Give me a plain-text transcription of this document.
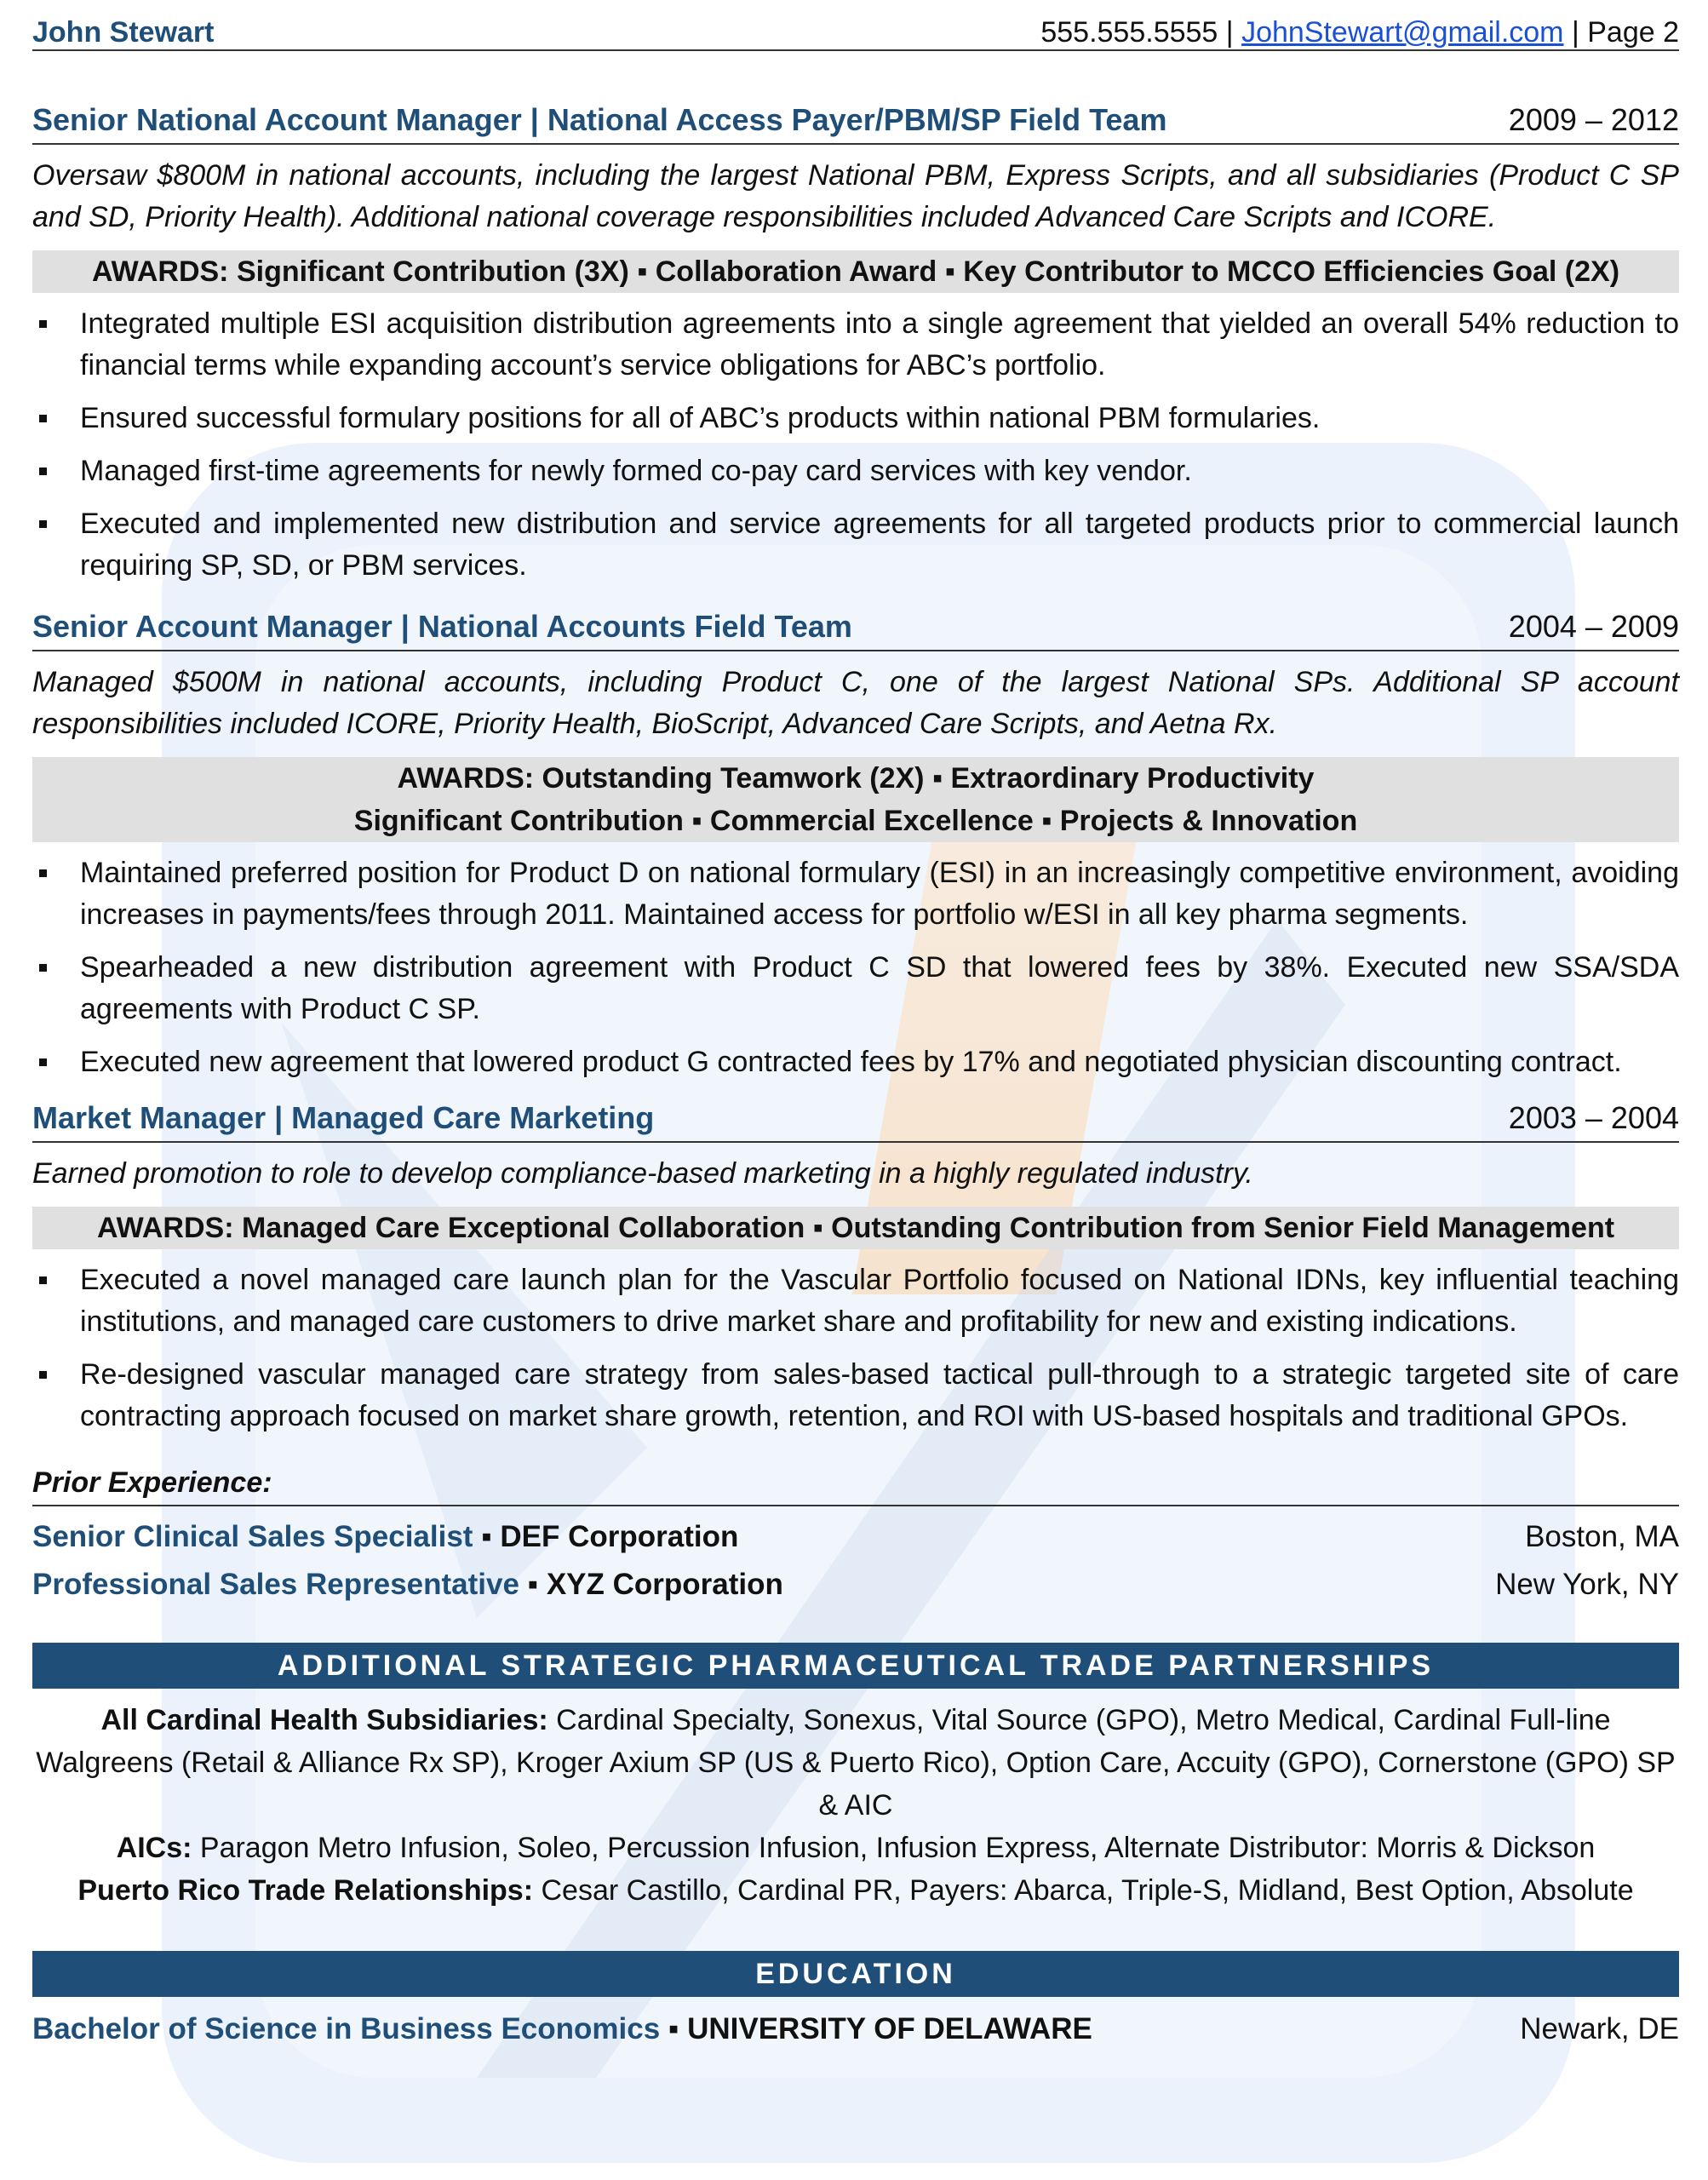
John Stewart	555.555.5555 | JohnStewart@gmail.com | Page 2
Senior National Account Manager | National Access Payer/PBM/SP Field Team	2009 – 2012
Oversaw $800M in national accounts, including the largest National PBM, Express Scripts, and all subsidiaries (Product C SP and SD, Priority Health). Additional national coverage responsibilities included Advanced Care Scripts and ICORE.
AWARDS: Significant Contribution (3X) ▪ Collaboration Award ▪ Key Contributor to MCCO Efficiencies Goal (2X)
Integrated multiple ESI acquisition distribution agreements into a single agreement that yielded an overall 54% reduction to financial terms while expanding account’s service obligations for ABC’s portfolio.
Ensured successful formulary positions for all of ABC’s products within national PBM formularies.
Managed first-time agreements for newly formed co-pay card services with key vendor.
Executed and implemented new distribution and service agreements for all targeted products prior to commercial launch requiring SP, SD, or PBM services.
Senior Account Manager | National Accounts Field Team	2004 – 2009
Managed $500M in national accounts, including Product C, one of the largest National SPs. Additional SP account responsibilities included ICORE, Priority Health, BioScript, Advanced Care Scripts, and Aetna Rx.
AWARDS: Outstanding Teamwork (2X) ▪ Extraordinary Productivity
Significant Contribution ▪ Commercial Excellence ▪ Projects & Innovation
Maintained preferred position for Product D on national formulary (ESI) in an increasingly competitive environment, avoiding increases in payments/fees through 2011. Maintained access for portfolio w/ESI in all key pharma segments.
Spearheaded a new distribution agreement with Product C SD that lowered fees by 38%. Executed new SSA/SDA agreements with Product C SP.
Executed new agreement that lowered product G contracted fees by 17% and negotiated physician discounting contract.
Market Manager | Managed Care Marketing	2003 – 2004
Earned promotion to role to develop compliance-based marketing in a highly regulated industry.
AWARDS: Managed Care Exceptional Collaboration ▪ Outstanding Contribution from Senior Field Management
Executed a novel managed care launch plan for the Vascular Portfolio focused on National IDNs, key influential teaching institutions, and managed care customers to drive market share and profitability for new and existing indications.
Re-designed vascular managed care strategy from sales-based tactical pull-through to a strategic targeted site of care contracting approach focused on market share growth, retention, and ROI with US-based hospitals and traditional GPOs.
Prior Experience:
Senior Clinical Sales Specialist ▪ DEF Corporation	Boston, MA
Professional Sales Representative ▪ XYZ Corporation	New York, NY
ADDITIONAL STRATEGIC PHARMACEUTICAL TRADE PARTNERSHIPS
All Cardinal Health Subsidiaries: Cardinal Specialty, Sonexus, Vital Source (GPO), Metro Medical, Cardinal Full-line
Walgreens (Retail & Alliance Rx SP), Kroger Axium SP (US & Puerto Rico), Option Care, Accuity (GPO), Cornerstone (GPO) SP & AIC
AICs: Paragon Metro Infusion, Soleo, Percussion Infusion, Infusion Express, Alternate Distributor: Morris & Dickson
Puerto Rico Trade Relationships: Cesar Castillo, Cardinal PR, Payers: Abarca, Triple-S, Midland, Best Option, Absolute
EDUCATION
Bachelor of Science in Business Economics ▪ UNIVERSITY OF DELAWARE	Newark, DE
